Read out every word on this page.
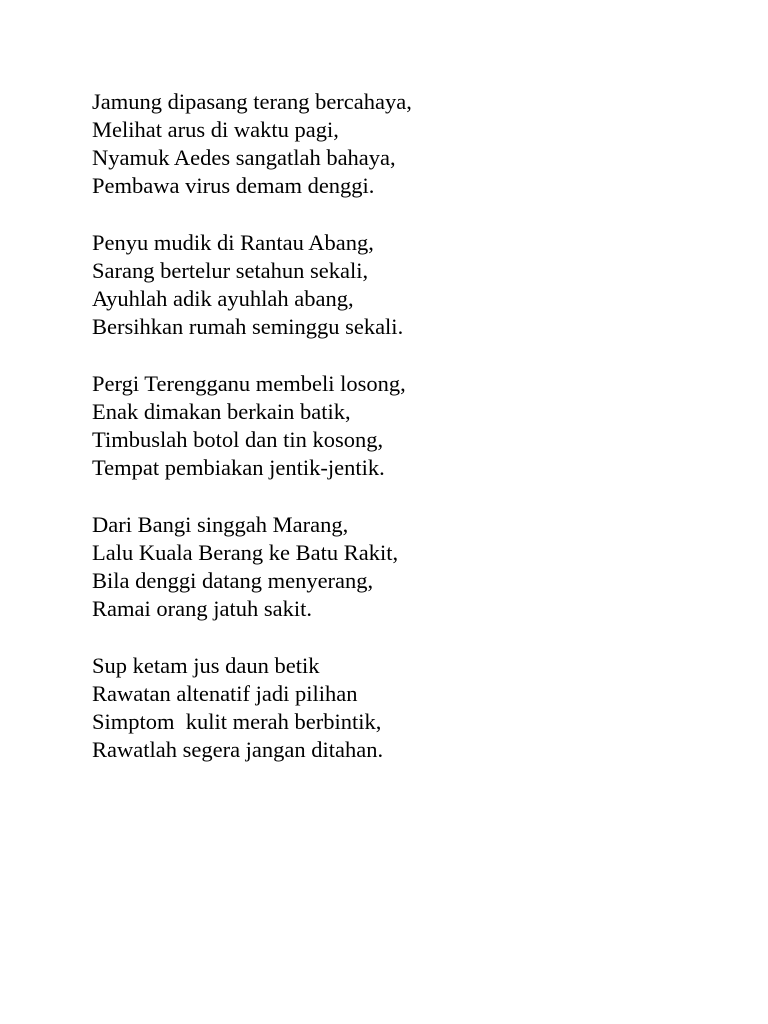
Jamung dipasang terang bercahaya,
Melihat arus di waktu pagi,
Nyamuk Aedes sangatlah bahaya,
Pembawa virus demam denggi.
Penyu mudik di Rantau Abang,
Sarang bertelur setahun sekali,
Ayuhlah adik ayuhlah abang,
Bersihkan rumah seminggu sekali.
Pergi Terengganu membeli losong,
Enak dimakan berkain batik,
Timbuslah botol dan tin kosong,
Tempat pembiakan jentik-jentik.
Dari Bangi singgah Marang,
Lalu Kuala Berang ke Batu Rakit,
Bila denggi datang menyerang,
Ramai orang jatuh sakit.
Sup ketam jus daun betik
Rawatan altenatif jadi pilihan
Simptom  kulit merah berbintik,
Rawatlah segera jangan ditahan.
